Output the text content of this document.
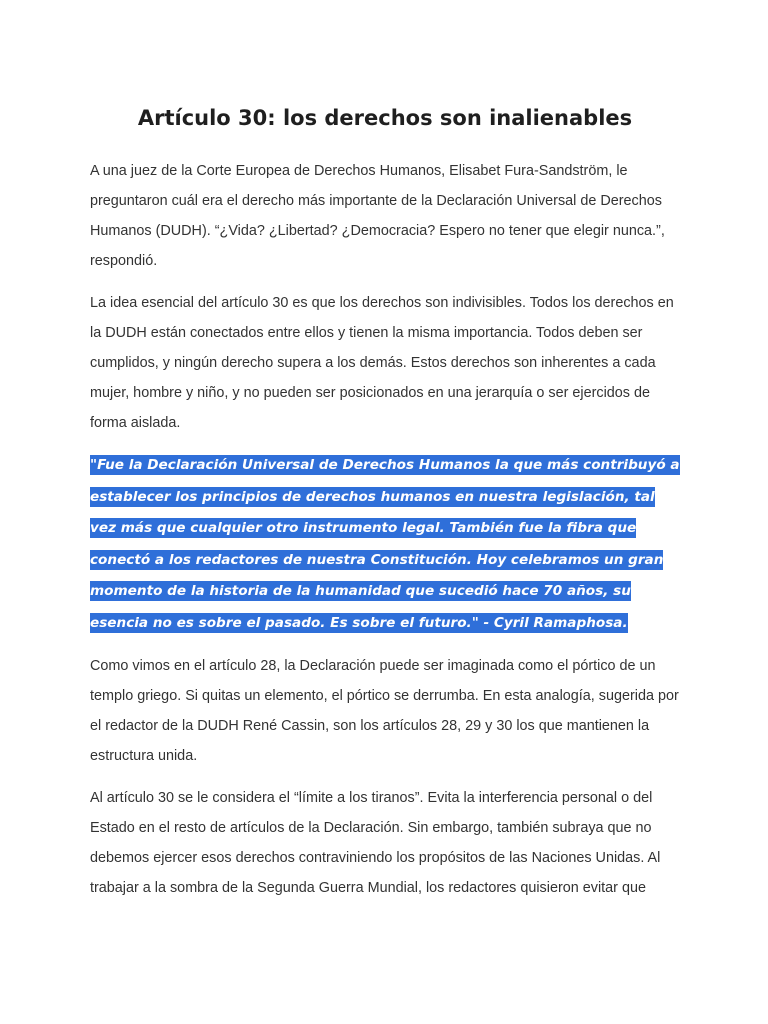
Artículo 30: los derechos son inalienables

A una juez de la Corte Europea de Derechos Humanos, Elisabet Fura-Sandström, le preguntaron cuál era el derecho más importante de la Declaración Universal de Derechos Humanos (DUDH). “¿Vida? ¿Libertad? ¿Democracia? Espero no tener que elegir nunca.”, respondió.

La idea esencial del artículo 30 es que los derechos son indivisibles. Todos los derechos en la DUDH están conectados entre ellos y tienen la misma importancia. Todos deben ser cumplidos, y ningún derecho supera a los demás. Estos derechos son inherentes a cada mujer, hombre y niño, y no pueden ser posicionados en una jerarquía o ser ejercidos de forma aislada.

"Fue la Declaración Universal de Derechos Humanos la que más contribuyó a establecer los principios de derechos humanos en nuestra legislación, tal vez más que cualquier otro instrumento legal. También fue la fibra que conectó a los redactores de nuestra Constitución. Hoy celebramos un gran momento de la historia de la humanidad que sucedió hace 70 años, su esencia no es sobre el pasado. Es sobre el futuro." - Cyril Ramaphosa.

Como vimos en el artículo 28, la Declaración puede ser imaginada como el pórtico de un templo griego. Si quitas un elemento, el pórtico se derrumba. En esta analogía, sugerida por el redactor de la DUDH René Cassin, son los artículos 28, 29 y 30 los que mantienen la estructura unida.

Al artículo 30 se le considera el “límite a los tiranos”. Evita la interferencia personal o del Estado en el resto de artículos de la Declaración. Sin embargo, también subraya que no debemos ejercer esos derechos contraviniendo los propósitos de las Naciones Unidas. Al trabajar a la sombra de la Segunda Guerra Mundial, los redactores quisieron evitar que
